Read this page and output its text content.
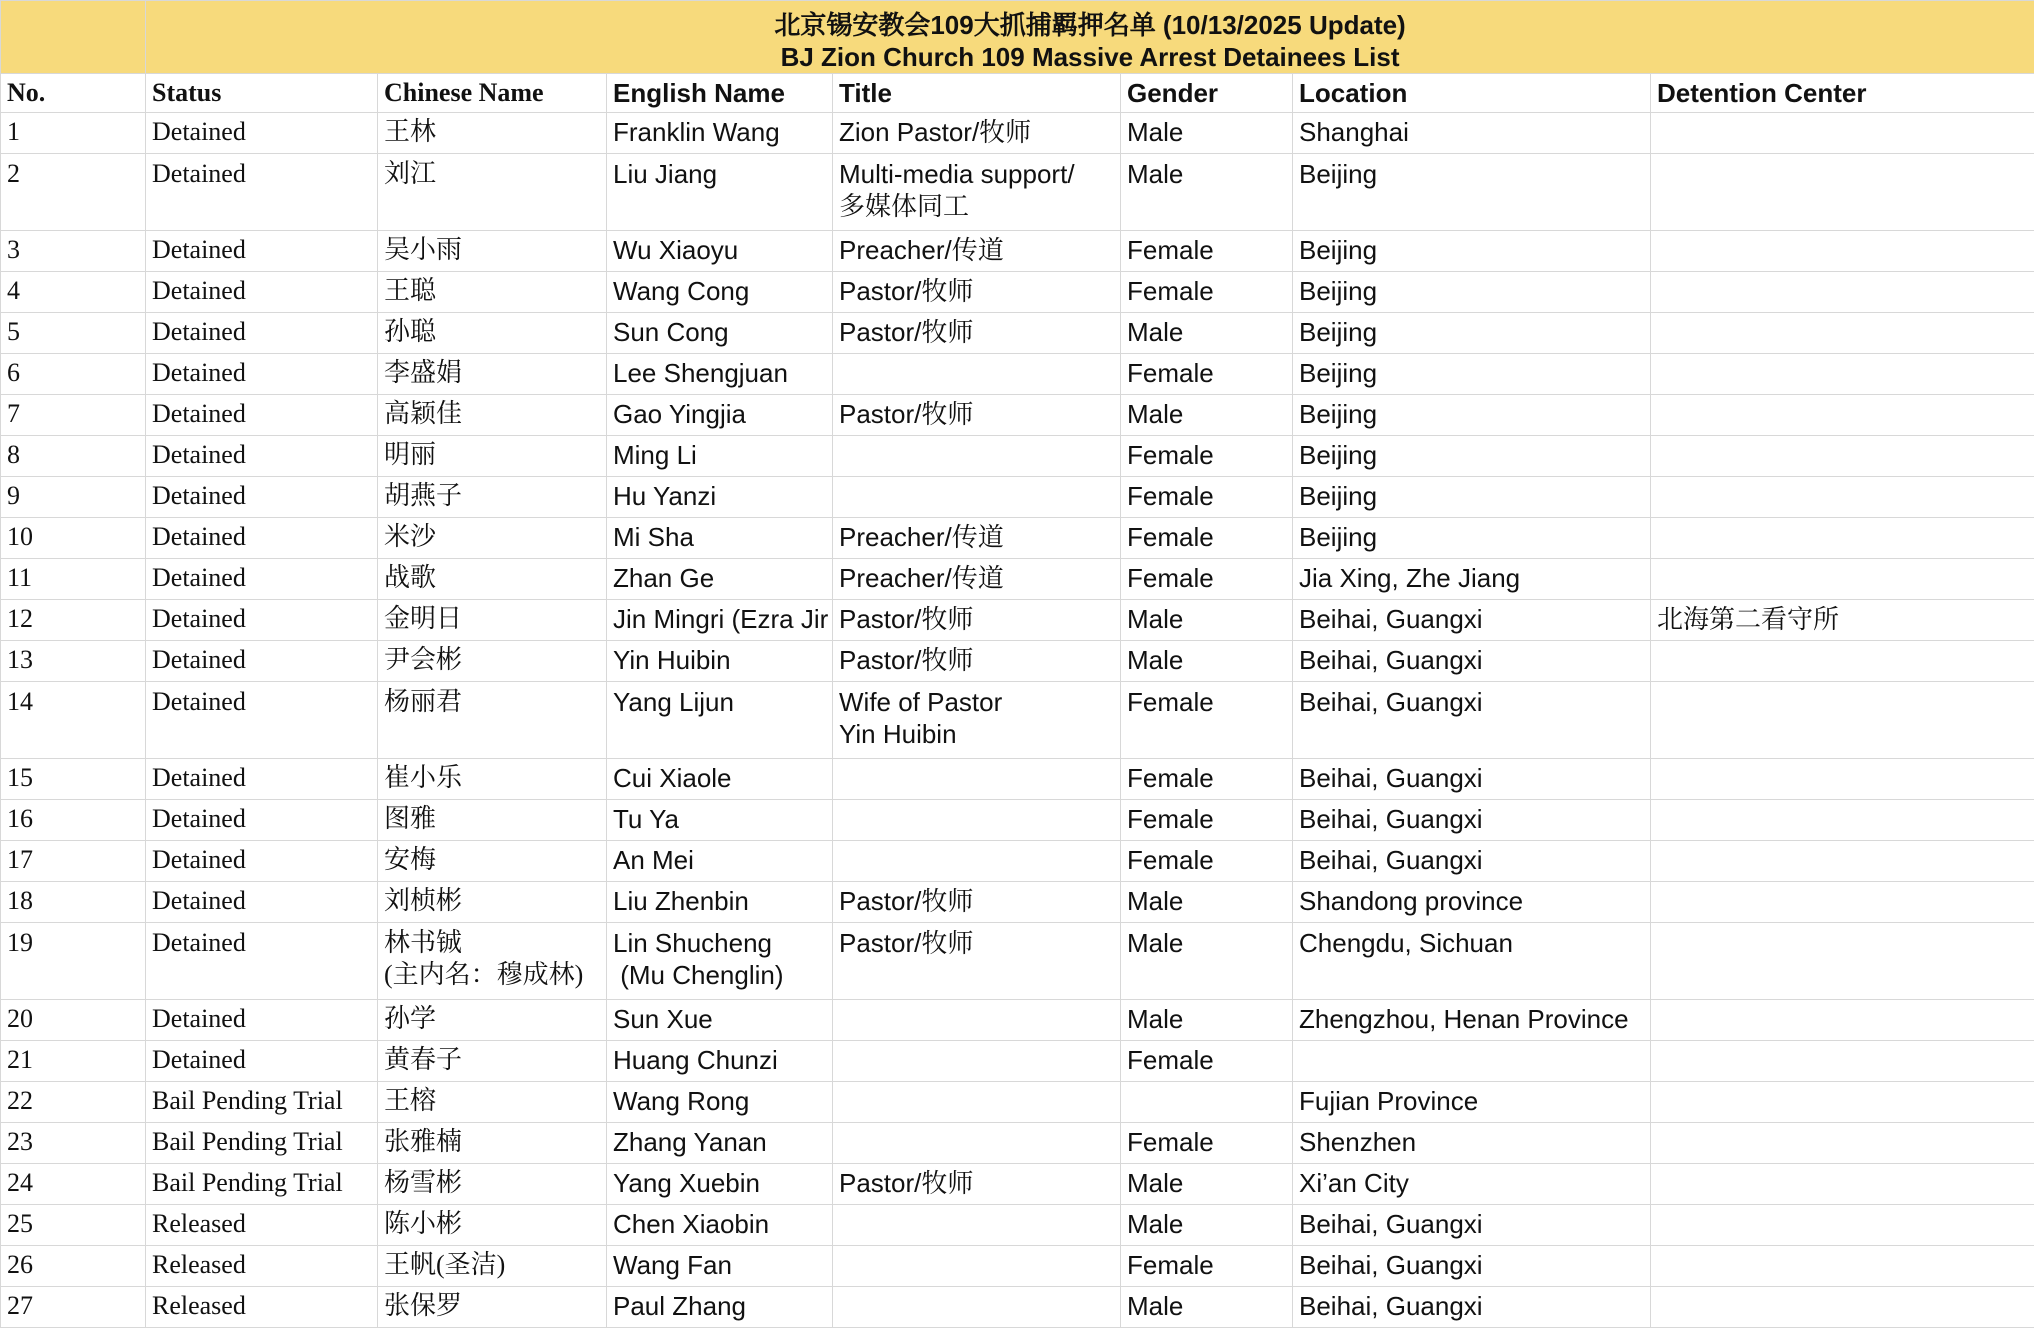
	北京锡安教会109大抓捕羁押名单 (10/13/2025 Update)
BJ Zion Church 109 Massive Arrest Detainees List						

No.	Status	Chinese Name	English Name	Title	Gender	Location	Detention Center
1	Detained	王林	Franklin Wang	Zion Pastor/牧师	Male	Shanghai	
2	Detained	刘江	Liu Jiang	Multi-media support/
多媒体同工	Male	Beijing	
3	Detained	吴小雨	Wu Xiaoyu	Preacher/传道	Female	Beijing	
4	Detained	王聪	Wang Cong	Pastor/牧师	Female	Beijing	
5	Detained	孙聪	Sun Cong	Pastor/牧师	Male	Beijing	
6	Detained	李盛娟	Lee Shengjuan		Female	Beijing	
7	Detained	高颖佳	Gao Yingjia	Pastor/牧师	Male	Beijing	
8	Detained	明丽	Ming Li		Female	Beijing	
9	Detained	胡燕子	Hu Yanzi		Female	Beijing	
10	Detained	米沙	Mi Sha	Preacher/传道	Female	Beijing	
11	Detained	战歌	Zhan Ge	Preacher/传道	Female	Jia Xing, Zhe Jiang	
12	Detained	金明日	Jin Mingri (Ezra Jir	Pastor/牧师	Male	Beihai, Guangxi	北海第二看守所
13	Detained	尹会彬	Yin Huibin	Pastor/牧师	Male	Beihai, Guangxi	
14	Detained	杨丽君	Yang Lijun	Wife of Pastor
Yin Huibin	Female	Beihai, Guangxi	
15	Detained	崔小乐	Cui Xiaole		Female	Beihai, Guangxi	
16	Detained	图雅	Tu Ya		Female	Beihai, Guangxi	
17	Detained	安梅	An Mei		Female	Beihai, Guangxi	
18	Detained	刘桢彬	Liu Zhenbin	Pastor/牧师	Male	Shandong province	
19	Detained	林书铖
(主内名：穆成林)	Lin Shucheng
(Mu Chenglin)	Pastor/牧师	Male	Chengdu, Sichuan	
20	Detained	孙学	Sun Xue		Male	Zhengzhou, Henan Province	
21	Detained	黄春子	Huang Chunzi		Female		
22	Bail Pending Trial	王榕	Wang Rong			Fujian Province	
23	Bail Pending Trial	张雅楠	Zhang Yanan		Female	Shenzhen	
24	Bail Pending Trial	杨雪彬	Yang Xuebin	Pastor/牧师	Male	Xi’an City	
25	Released	陈小彬	Chen Xiaobin		Male	Beihai, Guangxi	
26	Released	王帆(圣洁)	Wang Fan		Female	Beihai, Guangxi	
27	Released	张保罗	Paul Zhang		Male	Beihai, Guangxi	
